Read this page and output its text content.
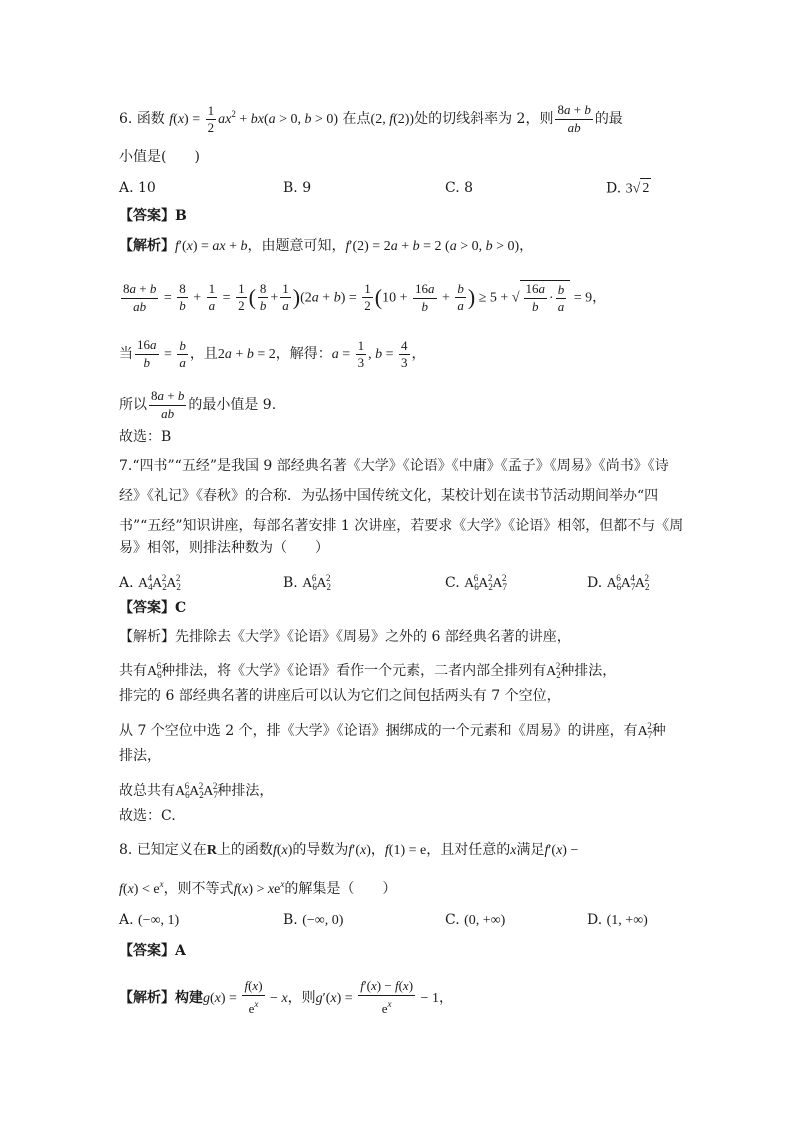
6. 函数 $f(x) = \frac{1}{2} ax^2 + bx(a > 0$, b > 0) 在点(2, f(2))处的切线斜率为 2，则 $\frac{8a + b}{ab}$ 的最
小值是(　　)
A. 10	B. 9	C. 8	D. 3√ 2
【答案】B
【解析】f′(x) = ax + b，由题意可知，f′(2) = 2a + b = 2 (a > 0, b > 0)，
$\frac{8a + b}{ab} = \frac{8}{b} + \frac{1}{a} = \frac{1}{2}$ ( $\frac{8}{b} + \frac{1}{a} )(2a + b) = \frac{1}{2} (10 + \frac{16a}{b} + \frac{b}{a}$ ) ≥ 5 + √ $\frac{16a}{b} \cdot \frac{b}{a} = 9$，
当 $\frac{16a}{b} = \frac{b}{a}$ ，且2a + b = 2，解得：$a = \frac{1}{3}$ , $b = \frac{4}{3}$ ，
所以 $\frac{8a + b}{ab}$ 的最小值是 9.
故选：B
7.“四书”“五经”是我国 9 部经典名著《大学》《论语》《中庸》《孟子》《周易》《尚书》《诗
经》《礼记》《春秋》的合称．为弘扬中国传统文化，某校计划在读书节活动期间举办“四
书”“五经”知识讲座，每部名著安排 1 次讲座，若要求《大学》《论语》相邻，但都不与《周
易》相邻，则排法种数为（　　）
A. $A_4^4A_2^2A_2^2$	B. $A_6^6A_2^2$	C. $A_6^6A_2^2A_7^2$	D. $A_6^6A_7^4A_2^2$
【答案】C
【解析】先排除去《大学》《论语》《周易》之外的 6 部经典名著的讲座，
共有$A_6^6$种排法，将《大学》《论语》看作一个元素，二者内部全排列有$A_2^2$种排法，
排完的 6 部经典名著的讲座后可以认为它们之间包括两头有 7 个空位，
从 7 个空位中选 2 个，排《大学》《论语》捆绑成的一个元素和《周易》的讲座，有$A_7^2$种
排法，
故总共有$A_6^6A_2^2A_7^2$种排法，
故选：C.
8. 已知定义在R上的函数f(x)的导数为f′(x)，f(1) = e，且对任意的x满足f′(x) −
$f(x) < e^x$，则不等式$f(x) > xe^x$的解集是（　　）
A. (−∞, 1)	B. (−∞, 0)	C. (0, +∞)	D. (1, +∞)
【答案】A
【解析】构建$g(x) = \frac{f(x)}{e^x} - x$，则$g'(x) = \frac{f'(x) - f(x)}{e^x} - 1$，
